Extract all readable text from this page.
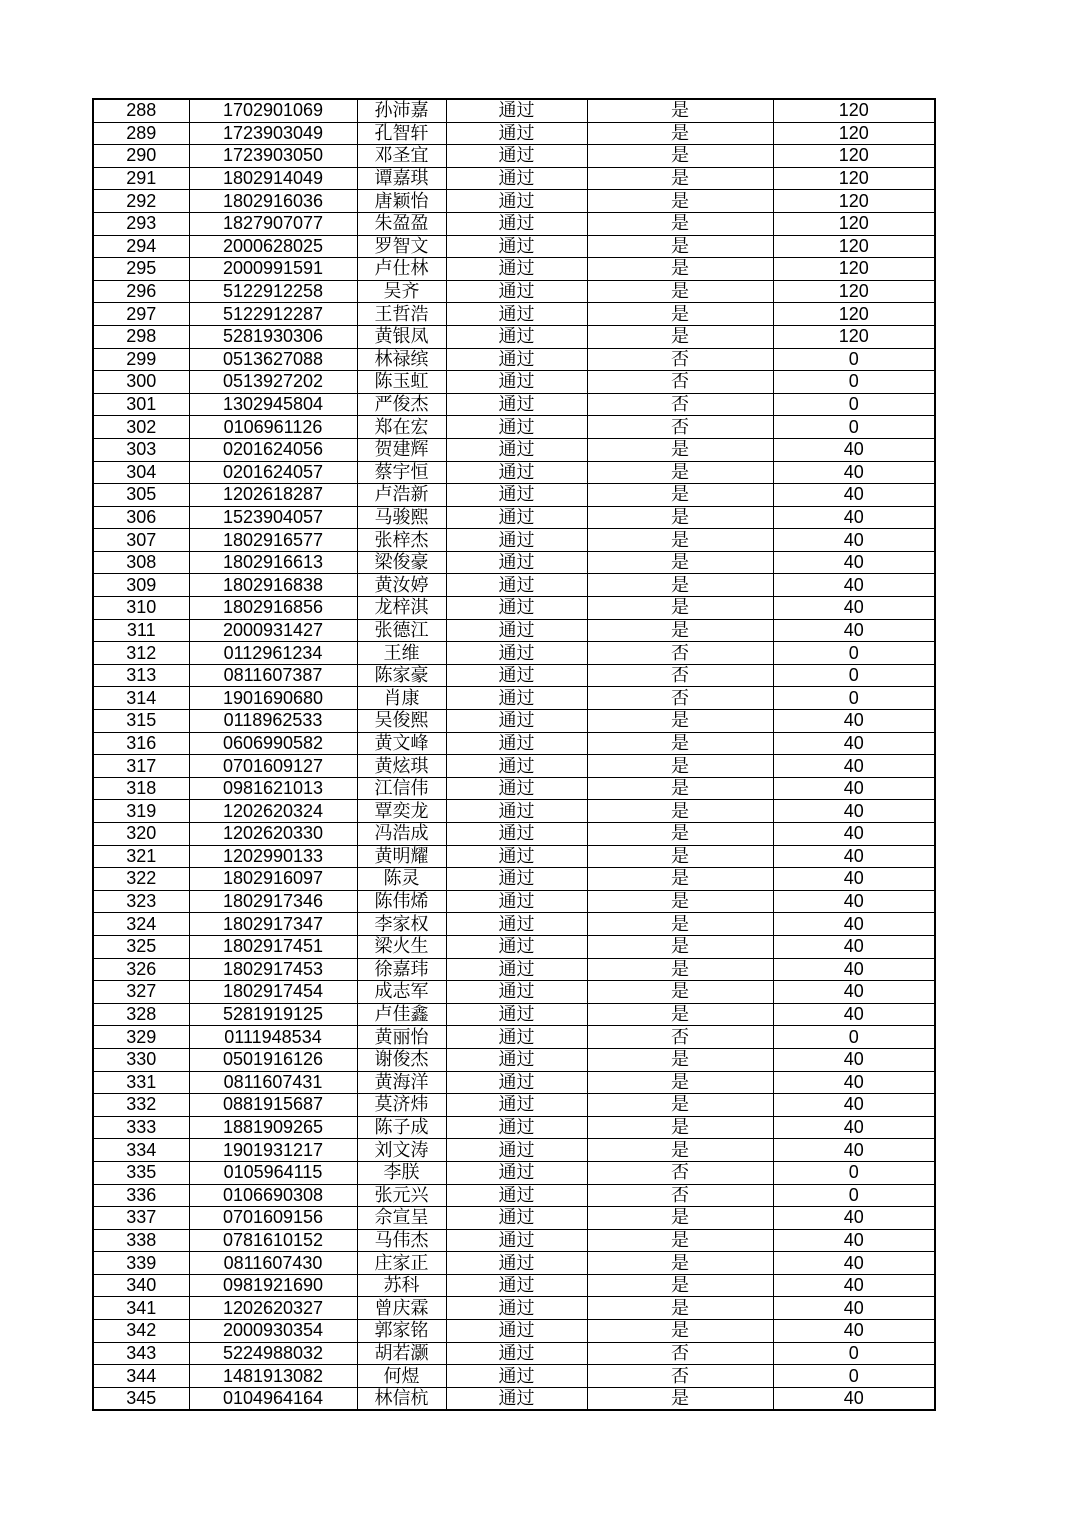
288	1702901069	孙沛嘉	通过	是	120
289	1723903049	孔智轩	通过	是	120
290	1723903050	邓圣宜	通过	是	120
291	1802914049	谭嘉琪	通过	是	120
292	1802916036	唐颖怡	通过	是	120
293	1827907077	朱盈盈	通过	是	120
294	2000628025	罗智文	通过	是	120
295	2000991591	卢仕林	通过	是	120
296	5122912258	吴齐	通过	是	120
297	5122912287	王哲浩	通过	是	120
298	5281930306	黄银凤	通过	是	120
299	0513627088	林禄缤	通过	否	0
300	0513927202	陈玉虹	通过	否	0
301	1302945804	严俊杰	通过	否	0
302	0106961126	郑在宏	通过	否	0
303	0201624056	贺建辉	通过	是	40
304	0201624057	蔡宇恒	通过	是	40
305	1202618287	卢浩新	通过	是	40
306	1523904057	马骏熙	通过	是	40
307	1802916577	张梓杰	通过	是	40
308	1802916613	梁俊豪	通过	是	40
309	1802916838	黄汝婷	通过	是	40
310	1802916856	龙梓淇	通过	是	40
311	2000931427	张德江	通过	是	40
312	0112961234	王维	通过	否	0
313	0811607387	陈家豪	通过	否	0
314	1901690680	肖康	通过	否	0
315	0118962533	吴俊熙	通过	是	40
316	0606990582	黄文峰	通过	是	40
317	0701609127	黄炫琪	通过	是	40
318	0981621013	江信伟	通过	是	40
319	1202620324	覃奕龙	通过	是	40
320	1202620330	冯浩成	通过	是	40
321	1202990133	黄明耀	通过	是	40
322	1802916097	陈灵	通过	是	40
323	1802917346	陈伟烯	通过	是	40
324	1802917347	李家权	通过	是	40
325	1802917451	梁火生	通过	是	40
326	1802917453	徐嘉玮	通过	是	40
327	1802917454	成志军	通过	是	40
328	5281919125	卢佳鑫	通过	是	40
329	0111948534	黄丽怡	通过	否	0
330	0501916126	谢俊杰	通过	是	40
331	0811607431	黄海洋	通过	是	40
332	0881915687	莫济炜	通过	是	40
333	1881909265	陈子成	通过	是	40
334	1901931217	刘文涛	通过	是	40
335	0105964115	李朕	通过	否	0
336	0106690308	张元兴	通过	否	0
337	0701609156	佘宣呈	通过	是	40
338	0781610152	马伟杰	通过	是	40
339	0811607430	庄家正	通过	是	40
340	0981921690	苏科	通过	是	40
341	1202620327	曾庆霖	通过	是	40
342	2000930354	郭家铭	通过	是	40
343	5224988032	胡若灏	通过	否	0
344	1481913082	何煜	通过	否	0
345	0104964164	林信杭	通过	是	40
